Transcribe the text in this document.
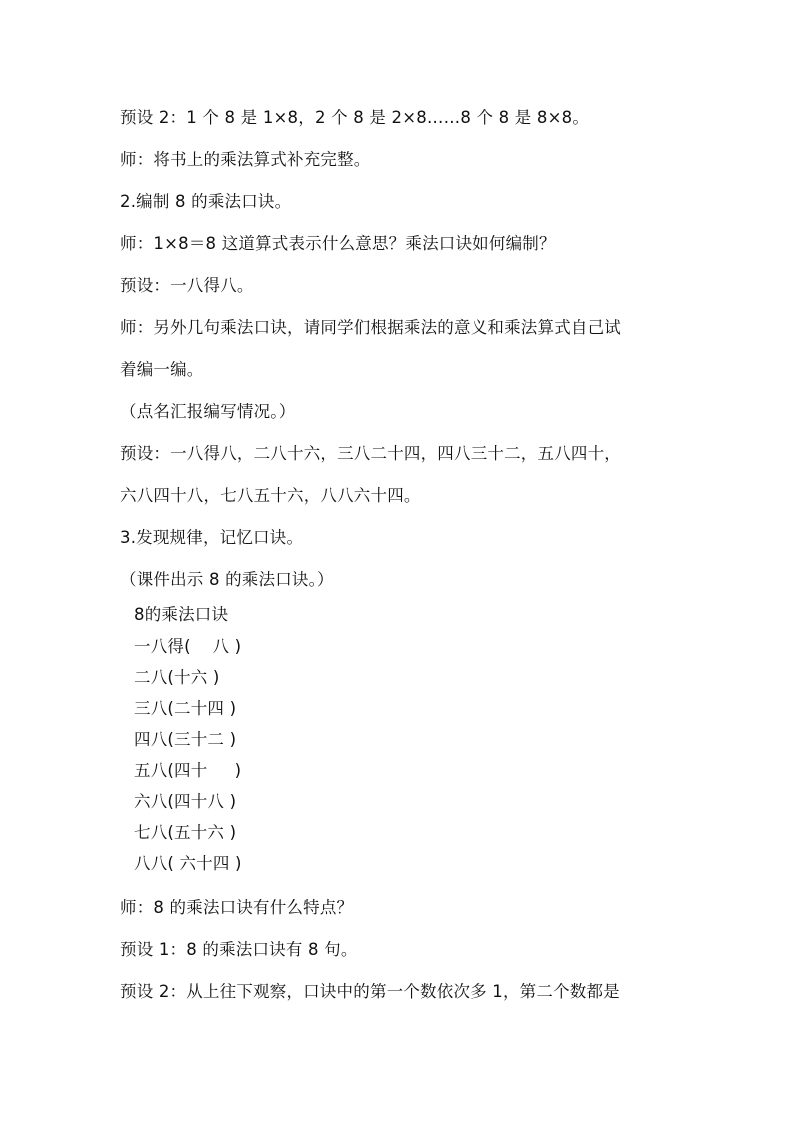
预设 2：1 个 8 是 1×8，2 个 8 是 2×8……8 个 8 是 8×8。
师：将书上的乘法算式补充完整。
2.编制 8 的乘法口诀。
师：1×8＝8 这道算式表示什么意思？乘法口诀如何编制？
预设：一八得八。
师：另外几句乘法口诀，请同学们根据乘法的意义和乘法算式自己试
着编一编。
（点名汇报编写情况。）
预设：一八得八，二八十六，三八二十四，四八三十二，五八四十，
六八四十八，七八五十六，八八六十四。
3.发现规律，记忆口诀。
（课件出示 8 的乘法口诀。）
8的乘法口诀
一八得(    八 )
二八(十六 )
三八(二十四 )
四八(三十二 )
五八(四十     )
六八(四十八 )
七八(五十六 )
八八( 六十四 )
师：8 的乘法口诀有什么特点？
预设 1：8 的乘法口诀有 8 句。
预设 2：从上往下观察，口诀中的第一个数依次多 1，第二个数都是
